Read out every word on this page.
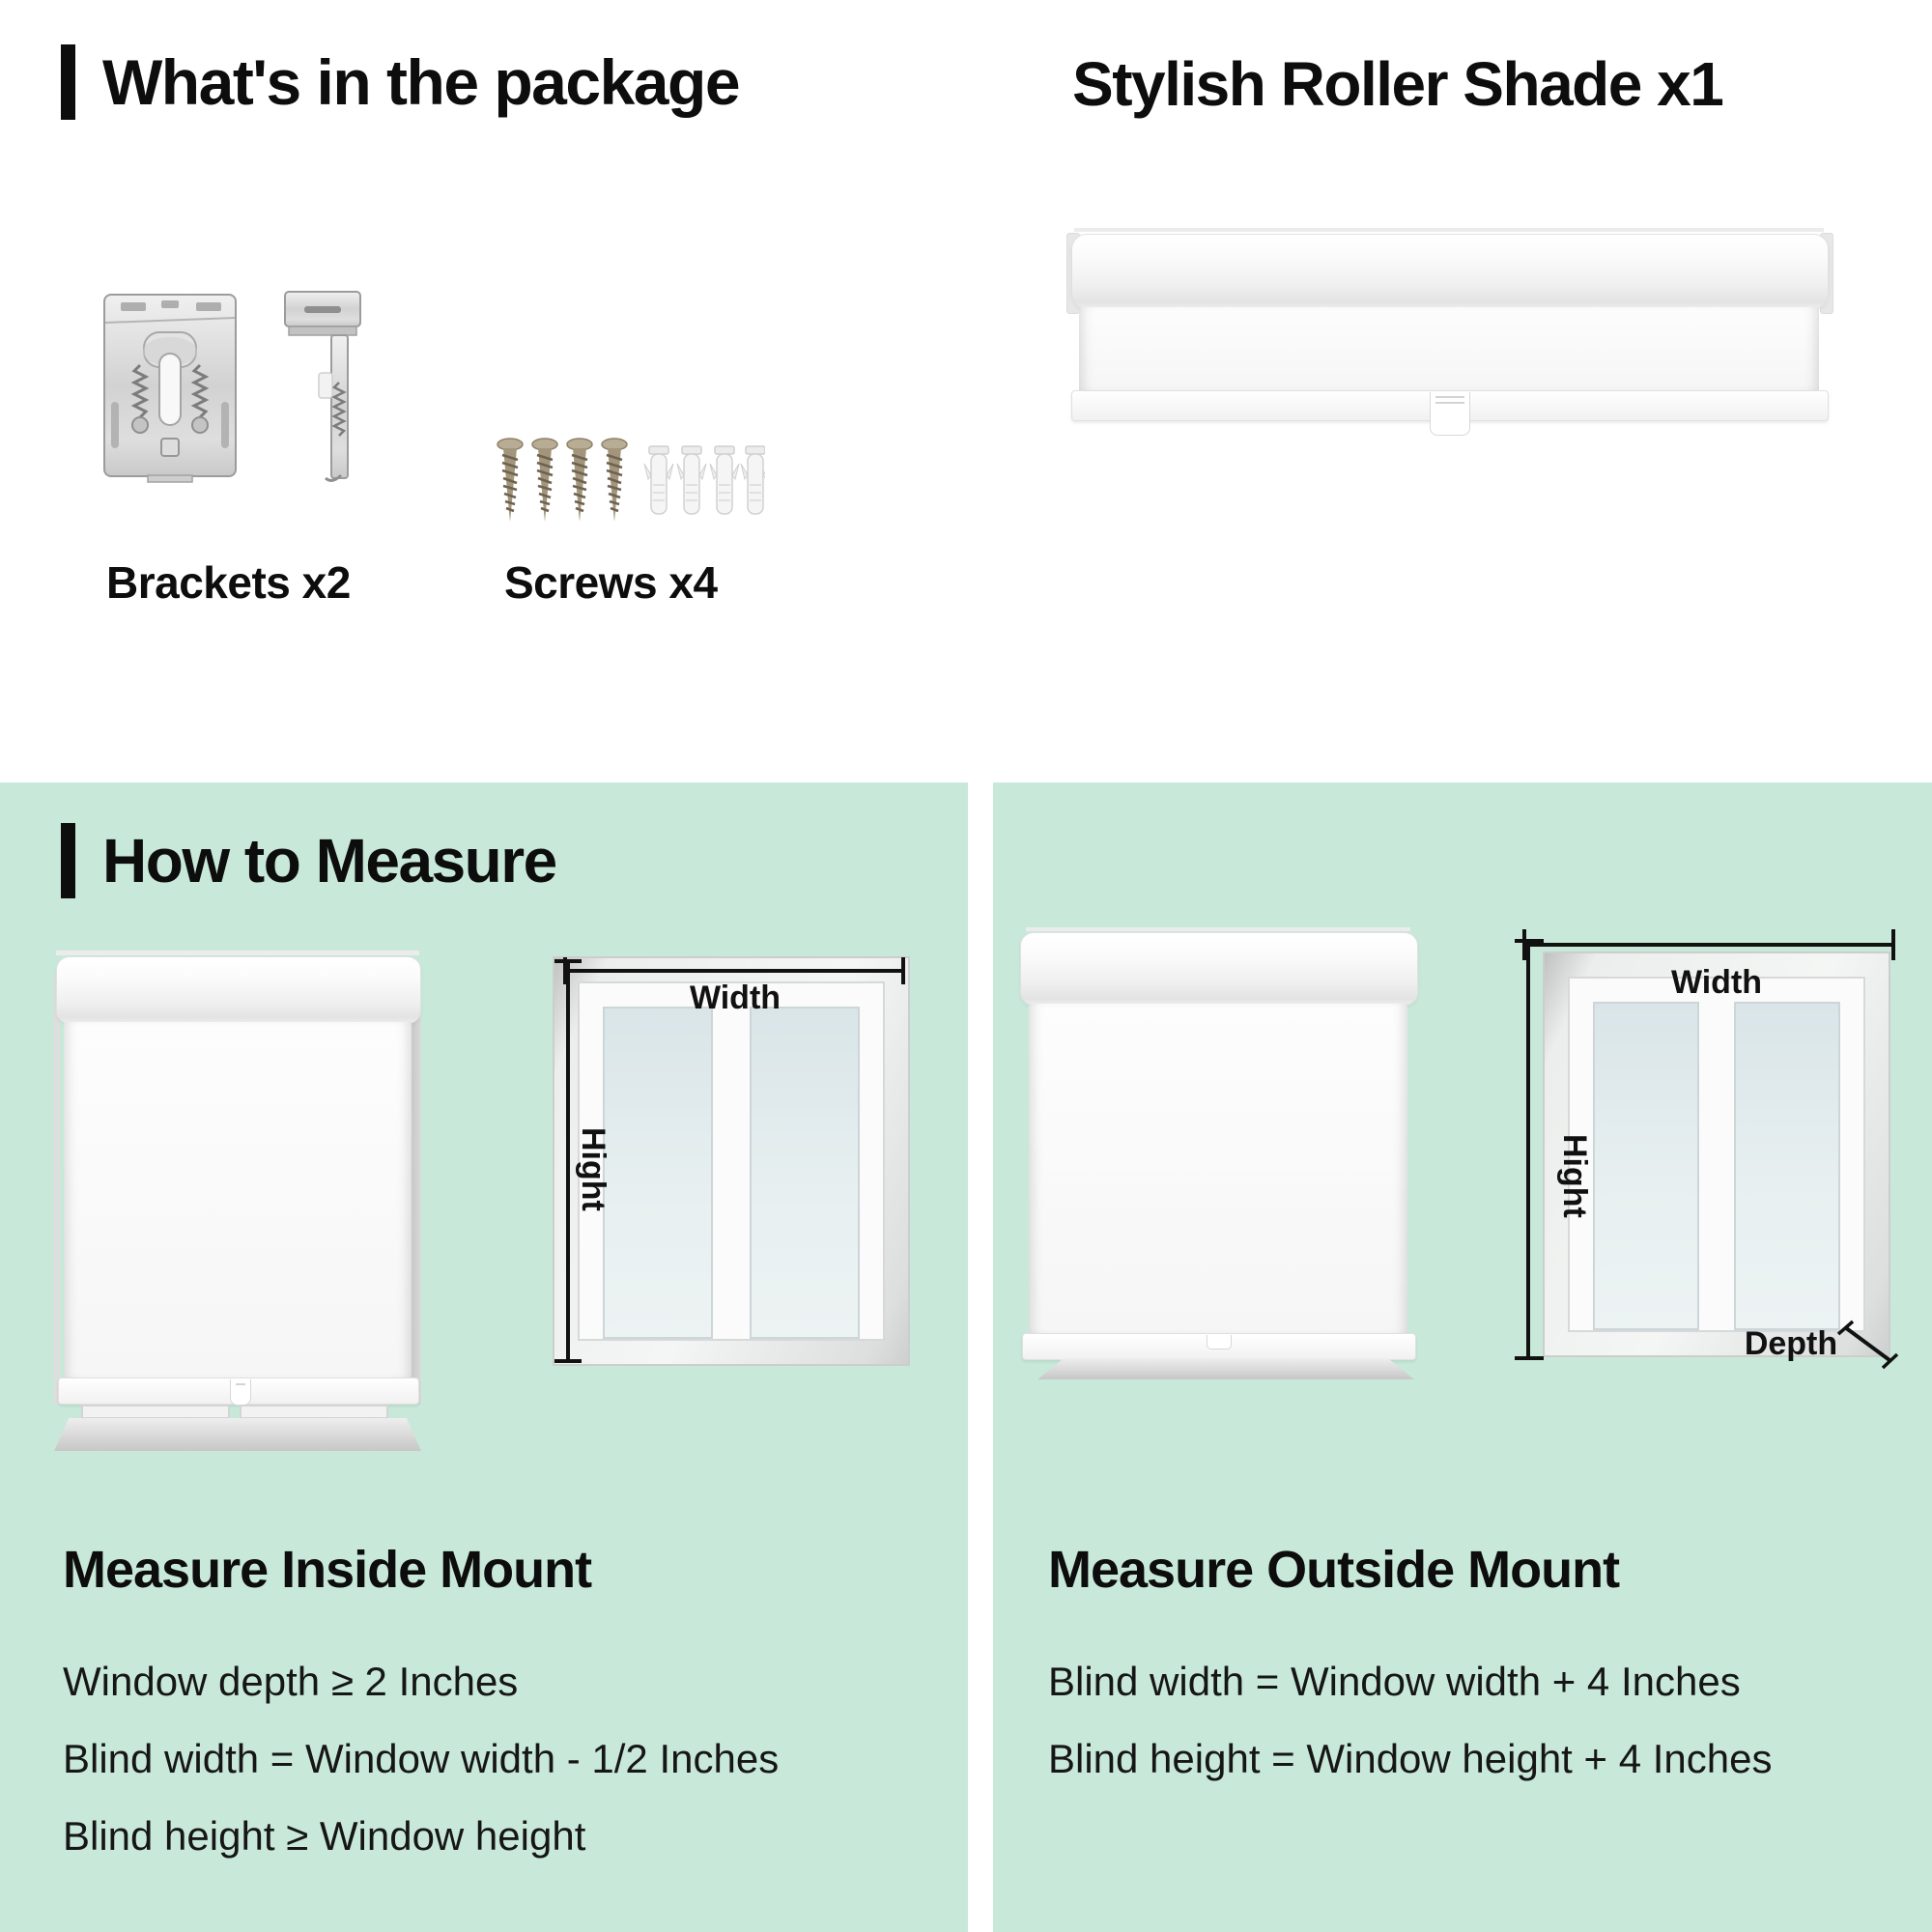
What's in the package
Brackets x2	Screws x4
Stylish Roller Shade x1
How to Measure
Width
Hight
Width
Hight
Depth
Measure Inside Mount
Window depth ≥ 2 Inches
Blind width = Window width - 1/2 Inches
Blind height ≥ Window height
Measure Outside Mount
Blind width = Window width + 4 Inches
Blind height = Window height + 4 Inches
